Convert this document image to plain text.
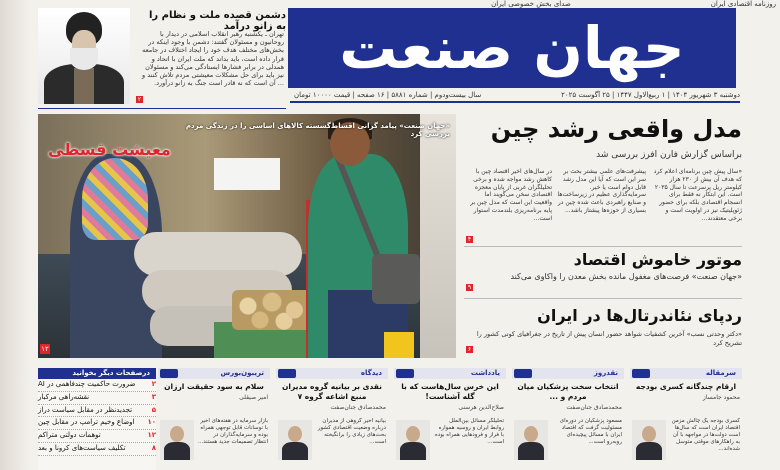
روزنامه اقتصادی ایران
صدای بخش خصوصی ایران
جهان صنعت
دوشنبه ۳ شهریور ۱۴۰۴ | ۱ ربیع‌الاول ۱۴۴۷ | ۲۵ آگوست ۲۰۲۵
سال بیست‌ودوم | شماره ۵۸۸۱ | ۱۶ صفحه | قیمت ۱۰۰۰۰ تومان
دشمن قصد‌ه ملت و نظام را به زانو درآمد
تهران ـ یکشنبه رهبر انقلاب اسلامی در دیدار با روحانیون و مسئولان گفتند: دشمن با وجود اینکه در بخش‌های مختلف هدف خود را ایجاد اختلاف در جامعه قرار داده است، باید بداند که ملت ایران با اتحاد و همدلی در برابر فشارها ایستادگی می‌کند و مسئولان نیز باید برای حل مشکلات معیشتی مردم تلاش کنند و ... آن است که نه قادر است جنگ به زانو درآورد.
۲
«جهان صنعت» پیامد گرانی اقساط‌گسسته کالاهای اساسی را در زندگی مردم بررسی کرد
معیشت قسطی
۱۲
مدل واقعی رشد چین
براساس گزارش فارن افرز بررسی شد
«سال پیش چین برنامه‌ای اعلام کرد که هدف آن بیش از ۲۳۰ هزار کیلومتر ریل پرسرعت تا سال ۲۰۳۵ است. این ابتکار نه فقط برای انسجام اقتصادی بلکه برای حضور ژئوپلیتیک نیز در اولویت است و برخی معتقدند...
پیشرفت‌های علمی بیشتر بحث بر سر این است که آیا این مدل رشد قابل دوام است یا خیر. سرمایه‌گذاری عظیم در زیرساخت‌ها و صنایع راهبردی باعث شده چین در بسیاری از حوزه‌ها پیشتاز باشد...
در سال‌های اخیر اقتصاد چین با کاهش رشد مواجه شده و برخی تحلیلگران غربی از پایان معجزه اقتصادی سخن می‌گویند اما واقعیت این است که مدل چین بر پایه برنامه‌ریزی بلندمدت استوار است...
۴
موتور خاموش اقتصاد
«جهان صنعت» فرصت‌های مغفول مانده بخش معدن را واکاوی می‌کند
۹
ردپای نئاندرتال‌ها در ایران
«دکتر وحدتی نسب» آخرین کشفیات شواهد حضور انسان پیش از تاریخ در جغرافیای کوتی کشور را تشریح کرد
۶
درصفحات دیگر بخوانید
۲
ضرورت حاکمیت چندفاهمی در AI
۳
نقشه‌راهی مرکبار
۵
تجدیدنظر در مقابل سیاست دراز
۱۰
اوضاع وخیم ترامپ در مقابل چین
۱۲
توهمات دولتی متراکم
۸
تکلیف سیاست‌های کرونا و بعد
سرمقاله
ارقام چندگانه کسری بودجه
محمود جامساز
کسری بودجه یک چالش مزمن اقتصاد ایران است که سال‌ها است دولت‌ها در مواجهه با آن به راهکارهای موقتی متوسل شده‌اند...
نقدروز
انتخاب سخت پزشکیان میان مردم و ...
محمدصادق جنان‌صفت
مسعود پزشکیان در دوره‌ای مسئولیت گرفت که اقتصاد ایران با مسائل پیچیده‌ای روبه‌رو است...
یادداشت
این خرس سال‌هاست که با گله آشناست!
صلاح‌الدین هرسنی
تحلیلگر مسائل بین‌الملل روابط ایران و روسیه همواره با فراز و فرودهایی همراه بوده است...
دیدگاه
نقدی بر بیانیه گروه مدیران منبع اشاعه گروه ۷
محمدصادق جنان‌صفت
بیانیه اخیر گروهی از مدیران درباره وضعیت اقتصادی کشور بحث‌های زیادی را برانگیخته است...
تریبون‌بورس
سلام به سود حقیقت ارزان
امیر صیقلی
بازار سرمایه در هفته‌های اخیر با نوسانات قابل توجهی همراه بوده و سرمایه‌گذاران در انتظار تصمیمات جدید هستند...
